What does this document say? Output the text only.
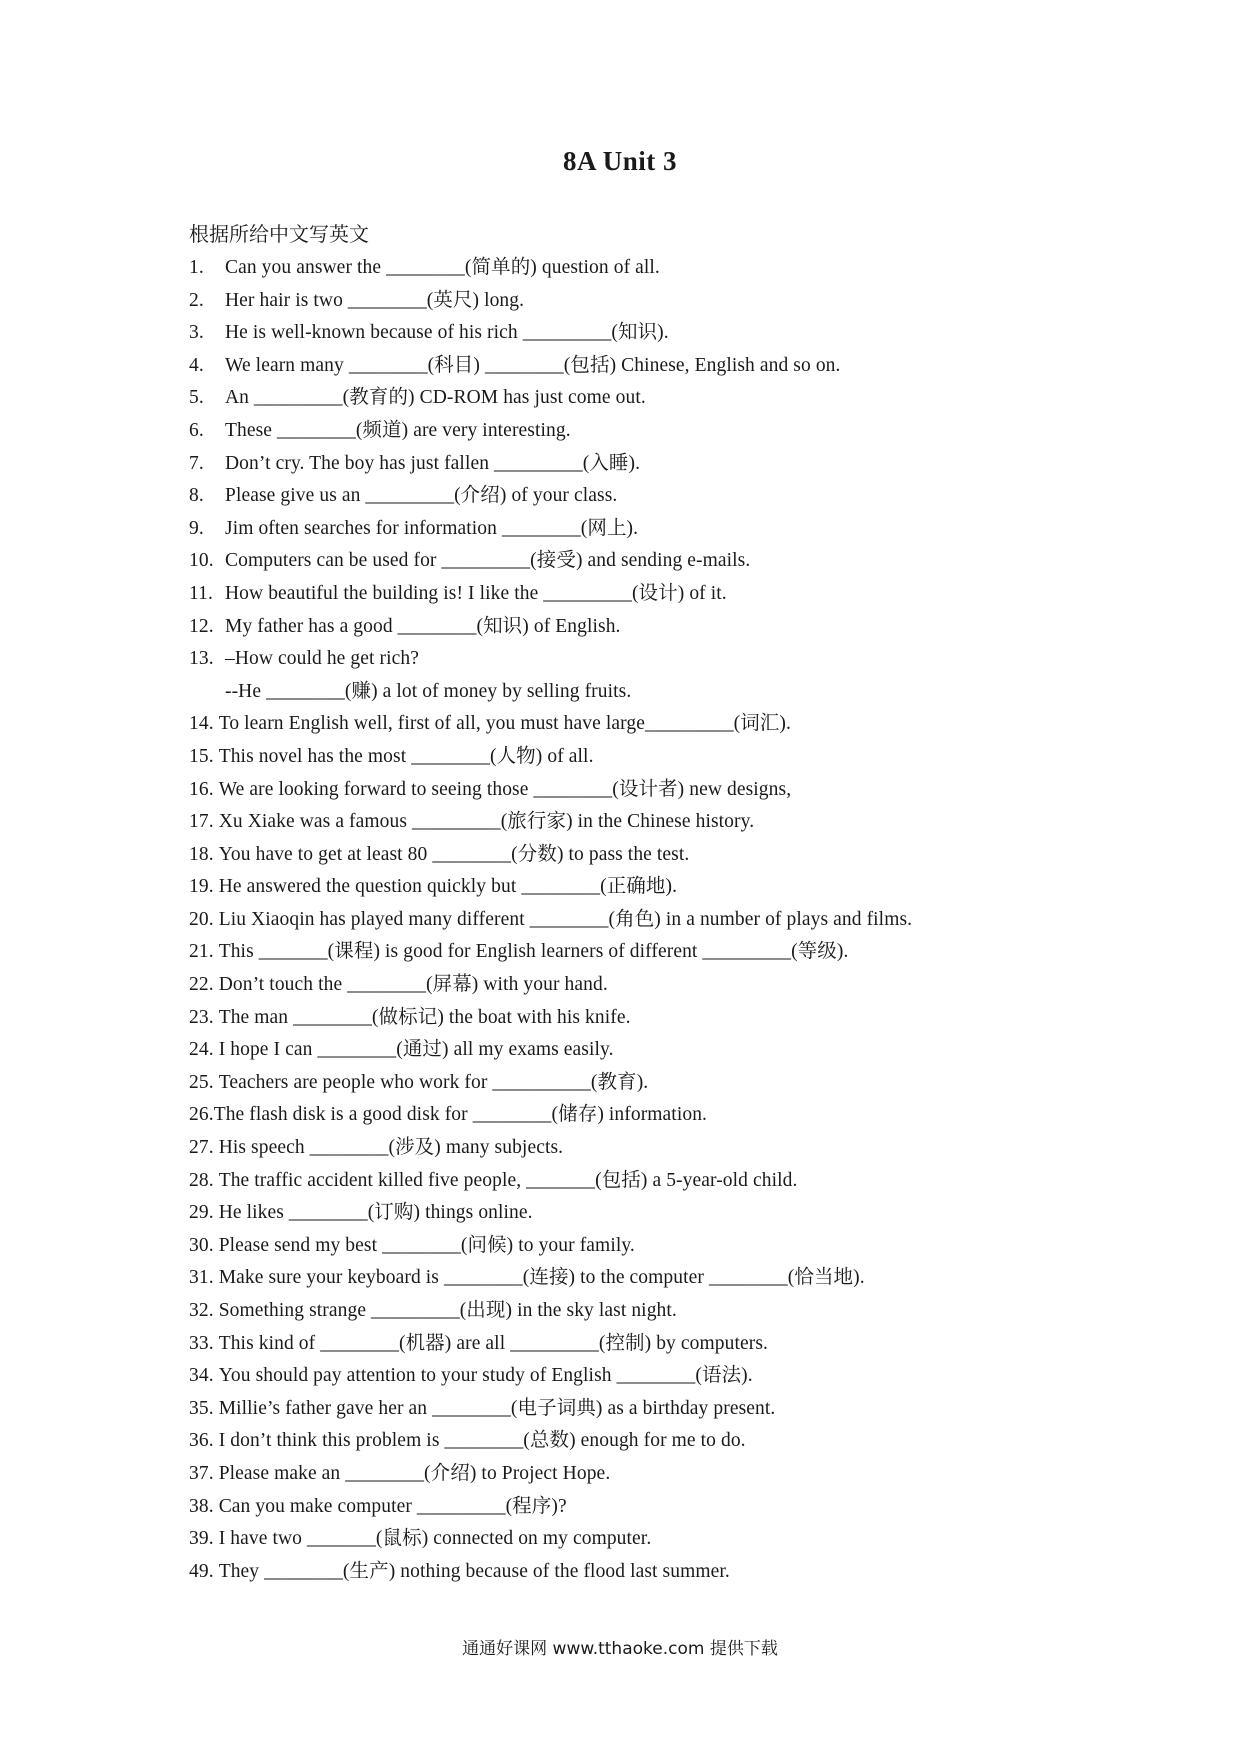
8A Unit 3
根据所给中文写英文
1. Can you answer the ________(简单的) question of all.
2. Her hair is two ________(英尺) long.
3. He is well-known because of his rich _________(知识).
4. We learn many ________(科目) ________(包括) Chinese, English and so on.
5. An _________(教育的) CD-ROM has just come out.
6. These ________(频道) are very interesting.
7. Don’t cry. The boy has just fallen _________(入睡).
8. Please give us an _________(介绍) of your class.
9. Jim often searches for information ________(网上).
10. Computers can be used for _________(接受) and sending e-mails.
11. How beautiful the building is! I like the _________(设计) of it.
12. My father has a good ________(知识) of English.
13. –How could he get rich?
--He ________(赚) a lot of money by selling fruits.
14. To learn English well, first of all, you must have large_________(词汇).
15. This novel has the most ________(人物) of all.
16. We are looking forward to seeing those ________(设计者) new designs,
17. Xu Xiake was a famous _________(旅行家) in the Chinese history.
18. You have to get at least 80 ________(分数) to pass the test.
19. He answered the question quickly but ________(正确地).
20. Liu Xiaoqin has played many different ________(角色) in a number of plays and films.
21. This _______(课程) is good for English learners of different _________(等级).
22. Don’t touch the ________(屏幕) with your hand.
23. The man ________(做标记) the boat with his knife.
24. I hope I can ________(通过) all my exams easily.
25. Teachers are people who work for __________(教育).
26.The flash disk is a good disk for ________(储存) information.
27. His speech ________(涉及) many subjects.
28. The traffic accident killed five people, _______(包括) a 5-year-old child.
29. He likes ________(订购) things online.
30. Please send my best ________(问候) to your family.
31. Make sure your keyboard is ________(连接) to the computer ________(恰当地).
32. Something strange _________(出现) in the sky last night.
33. This kind of ________(机器) are all _________(控制) by computers.
34. You should pay attention to your study of English ________(语法).
35. Millie’s father gave her an ________(电子词典) as a birthday present.
36. I don’t think this problem is ________(总数) enough for me to do.
37. Please make an ________(介绍) to Project Hope.
38. Can you make computer _________(程序)?
39. I have two _______(鼠标) connected on my computer.
49. They ________(生产) nothing because of the flood last summer.
通通好课网 www.tthaoke.com 提供下载
